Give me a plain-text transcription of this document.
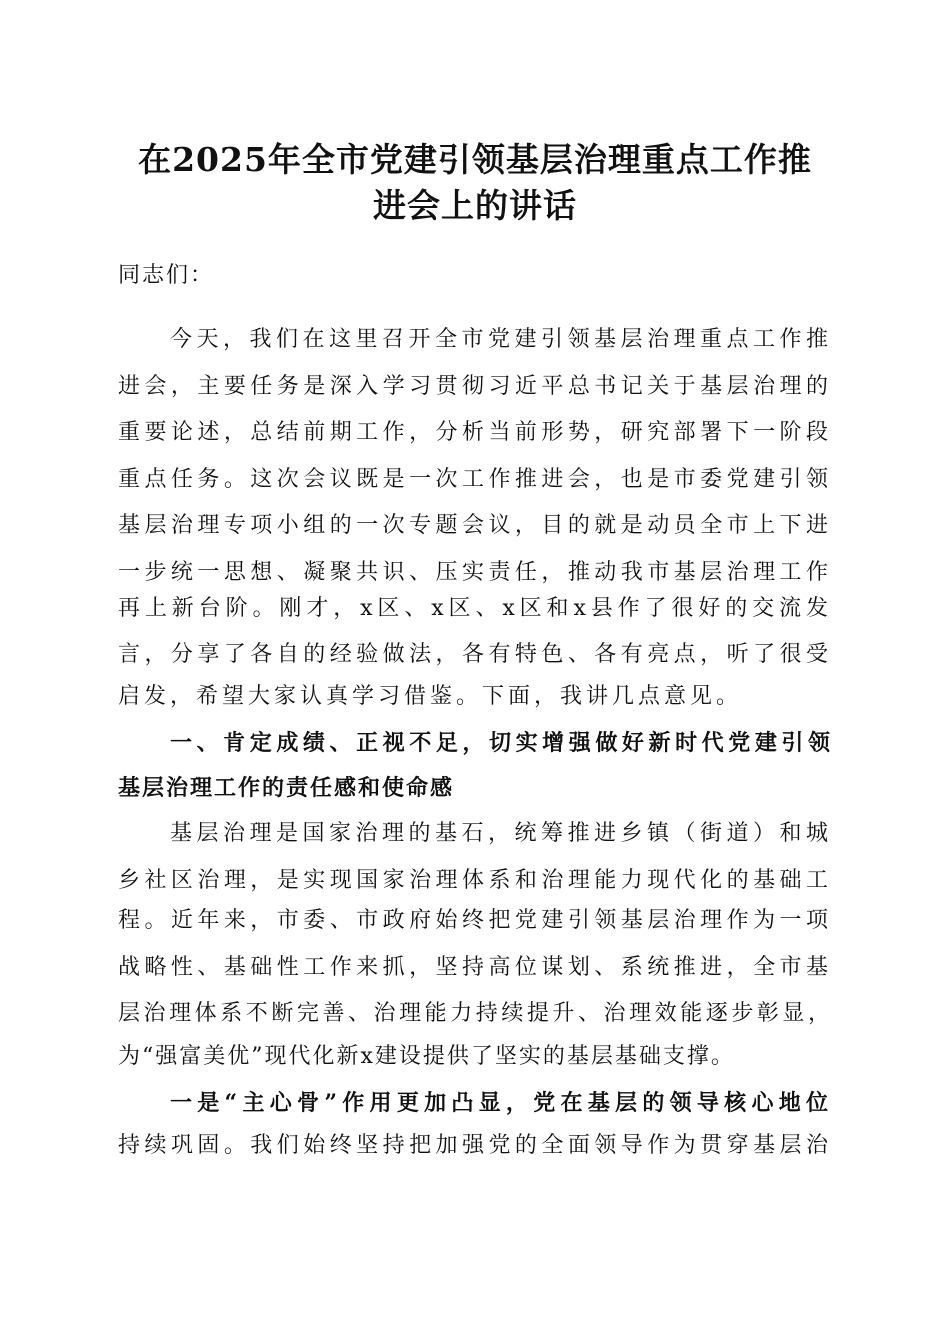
在2025年全市党建引领基层治理重点工作推
进会上的讲话

同志们：

今天，我们在这里召开全市党建引领基层治理重点工作推

进会，主要任务是深入学习贯彻习近平总书记关于基层治理的

重要论述，总结前期工作，分析当前形势，研究部署下一阶段

重点任务。这次会议既是一次工作推进会，也是市委党建引领

基层治理专项小组的一次专题会议，目的就是动员全市上下进

一步统一思想、凝聚共识、压实责任，推动我市基层治理工作

再上新台阶。刚才，x区、x区、x区和x县作了很好的交流发

言，分享了各自的经验做法，各有特色、各有亮点，听了很受

启发，希望大家认真学习借鉴。下面，我讲几点意见。

一、肯定成绩、正视不足，切实增强做好新时代党建引领

基层治理工作的责任感和使命感

基层治理是国家治理的基石，统筹推进乡镇（街道）和城

乡社区治理，是实现国家治理体系和治理能力现代化的基础工

程。近年来，市委、市政府始终把党建引领基层治理作为一项

战略性、基础性工作来抓，坚持高位谋划、系统推进，全市基

层治理体系不断完善、治理能力持续提升、治理效能逐步彰显，

为“强富美优”现代化新x建设提供了坚实的基层基础支撑。

一是“主心骨”作用更加凸显，党在基层的领导核心地位

持续巩固。我们始终坚持把加强党的全面领导作为贯穿基层治
